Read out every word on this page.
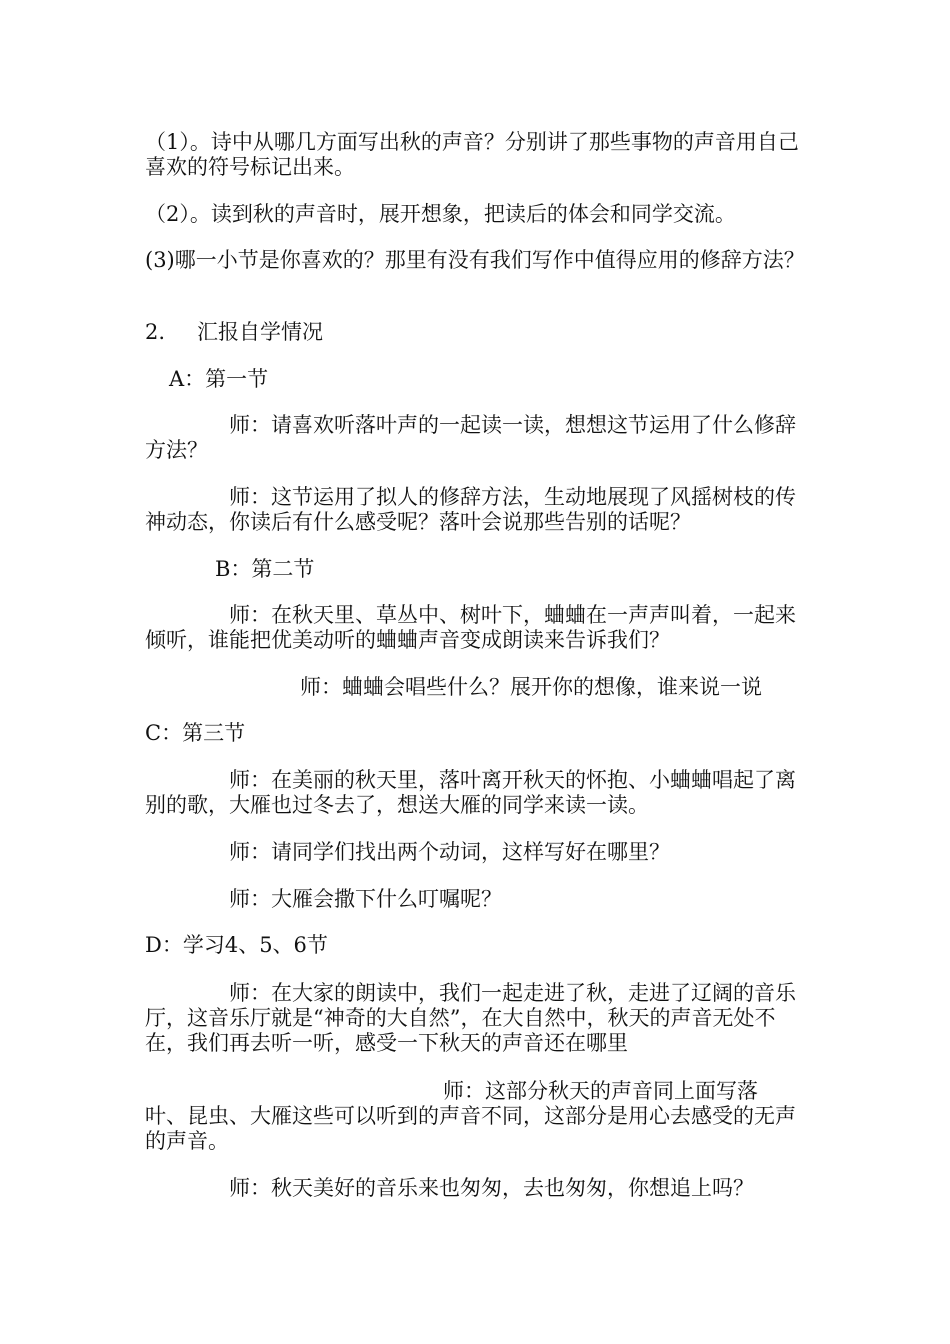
（1）。诗中从哪几方面写出秋的声音？分别讲了那些事物的声音用自己喜欢的符号标记出来。

（2）。读到秋的声音时，展开想象，把读后的体会和同学交流。

(3)哪一小节是你喜欢的？那里有没有我们写作中值得应用的修辞方法？

2. 汇报自学情况

A：第一节

师：请喜欢听落叶声的一起读一读，想想这节运用了什么修辞方法？

师：这节运用了拟人的修辞方法，生动地展现了风摇树枝的传神动态，你读后有什么感受呢？落叶会说那些告别的话呢？

B：第二节

师：在秋天里、草丛中、树叶下，蛐蛐在一声声叫着，一起来倾听，谁能把优美动听的蛐蛐声音变成朗读来告诉我们？

师：蛐蛐会唱些什么？展开你的想像，谁来说一说

C：第三节

师：在美丽的秋天里，落叶离开秋天的怀抱、小蛐蛐唱起了离别的歌，大雁也过冬去了，想送大雁的同学来读一读。

师：请同学们找出两个动词，这样写好在哪里？

师：大雁会撒下什么叮嘱呢？

D：学习4、5、6节

师：在大家的朗读中，我们一起走进了秋，走进了辽阔的音乐厅，这音乐厅就是“神奇的大自然”，在大自然中，秋天的声音无处不在，我们再去听一听，感受一下秋天的声音还在哪里

师：这部分秋天的声音同上面写落

叶、昆虫、大雁这些可以听到的声音不同，这部分是用心去感受的无声的声音。

师：秋天美好的音乐来也匆匆，去也匆匆，你想追上吗？
